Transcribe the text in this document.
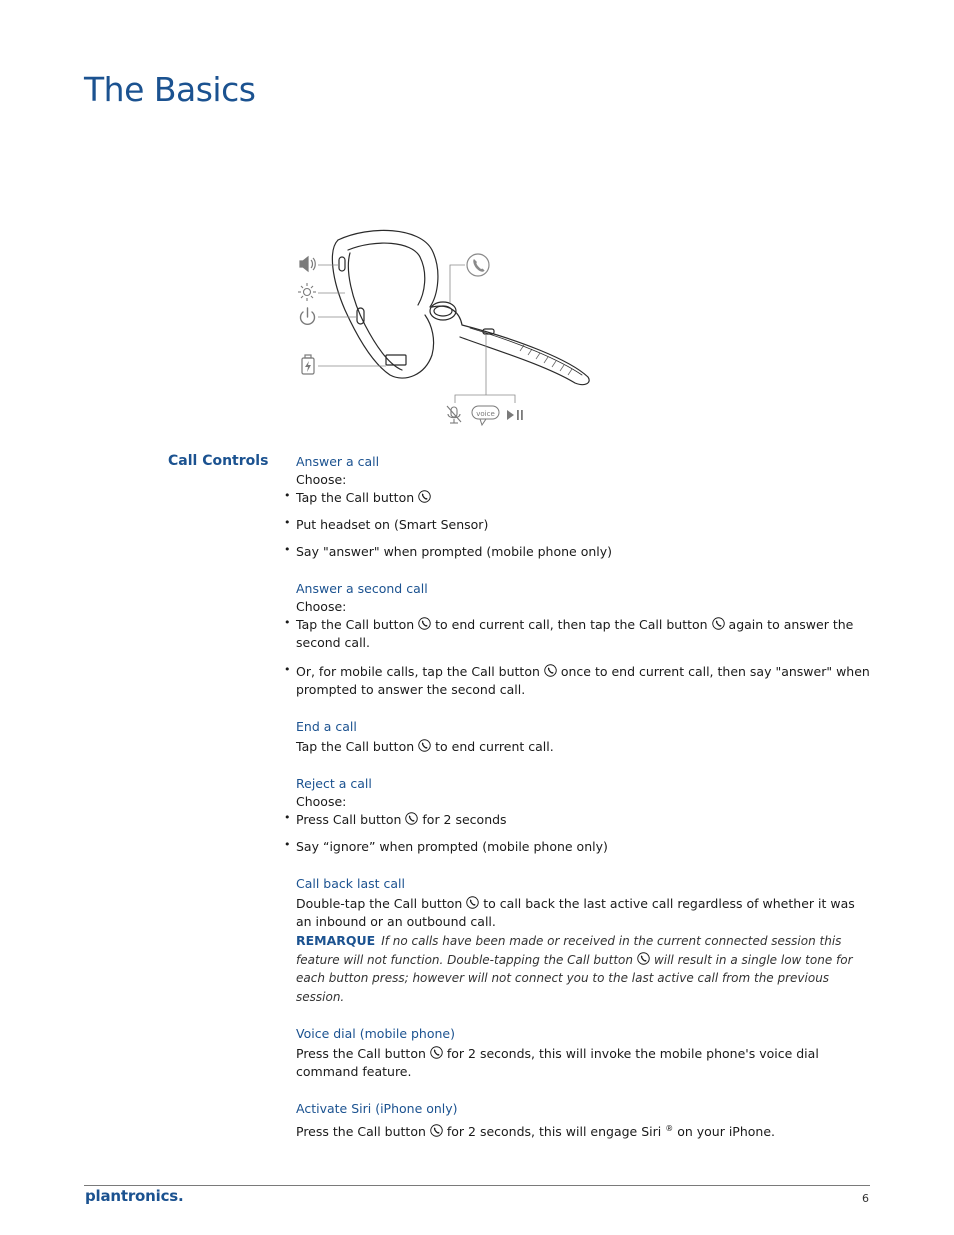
The Basics
voice
Call Controls Answer a call
Choose:
• Tap the Call button
• Put headset on (Smart Sensor)
• Say "answer" when prompted (mobile phone only)
Answer a second call
Choose:
• Tap the Call button to end current call, then tap the Call button again to answer the second call.
• Or, for mobile calls, tap the Call button once to end current call, then say "answer" when prompted to answer the second call.
End a call
Tap the Call button to end current call.
Reject a call
Choose:
• Press Call button for 2 seconds
• Say “ignore” when prompted (mobile phone only)
Call back last call
Double-tap the Call button to call back the last active call regardless of whether it was an inbound or an outbound call.
REMARQUE If no calls have been made or received in the current connected session this feature will not function. Double-tapping the Call button will result in a single low tone for each button press; however will not connect you to the last active call from the previous session.
Voice dial (mobile phone)
Press the Call button for 2 seconds, this will invoke the mobile phone's voice dial command feature.
Activate Siri (iPhone only)
Press the Call button for 2 seconds, this will engage Siri ® on your iPhone.
plantronics.	6
